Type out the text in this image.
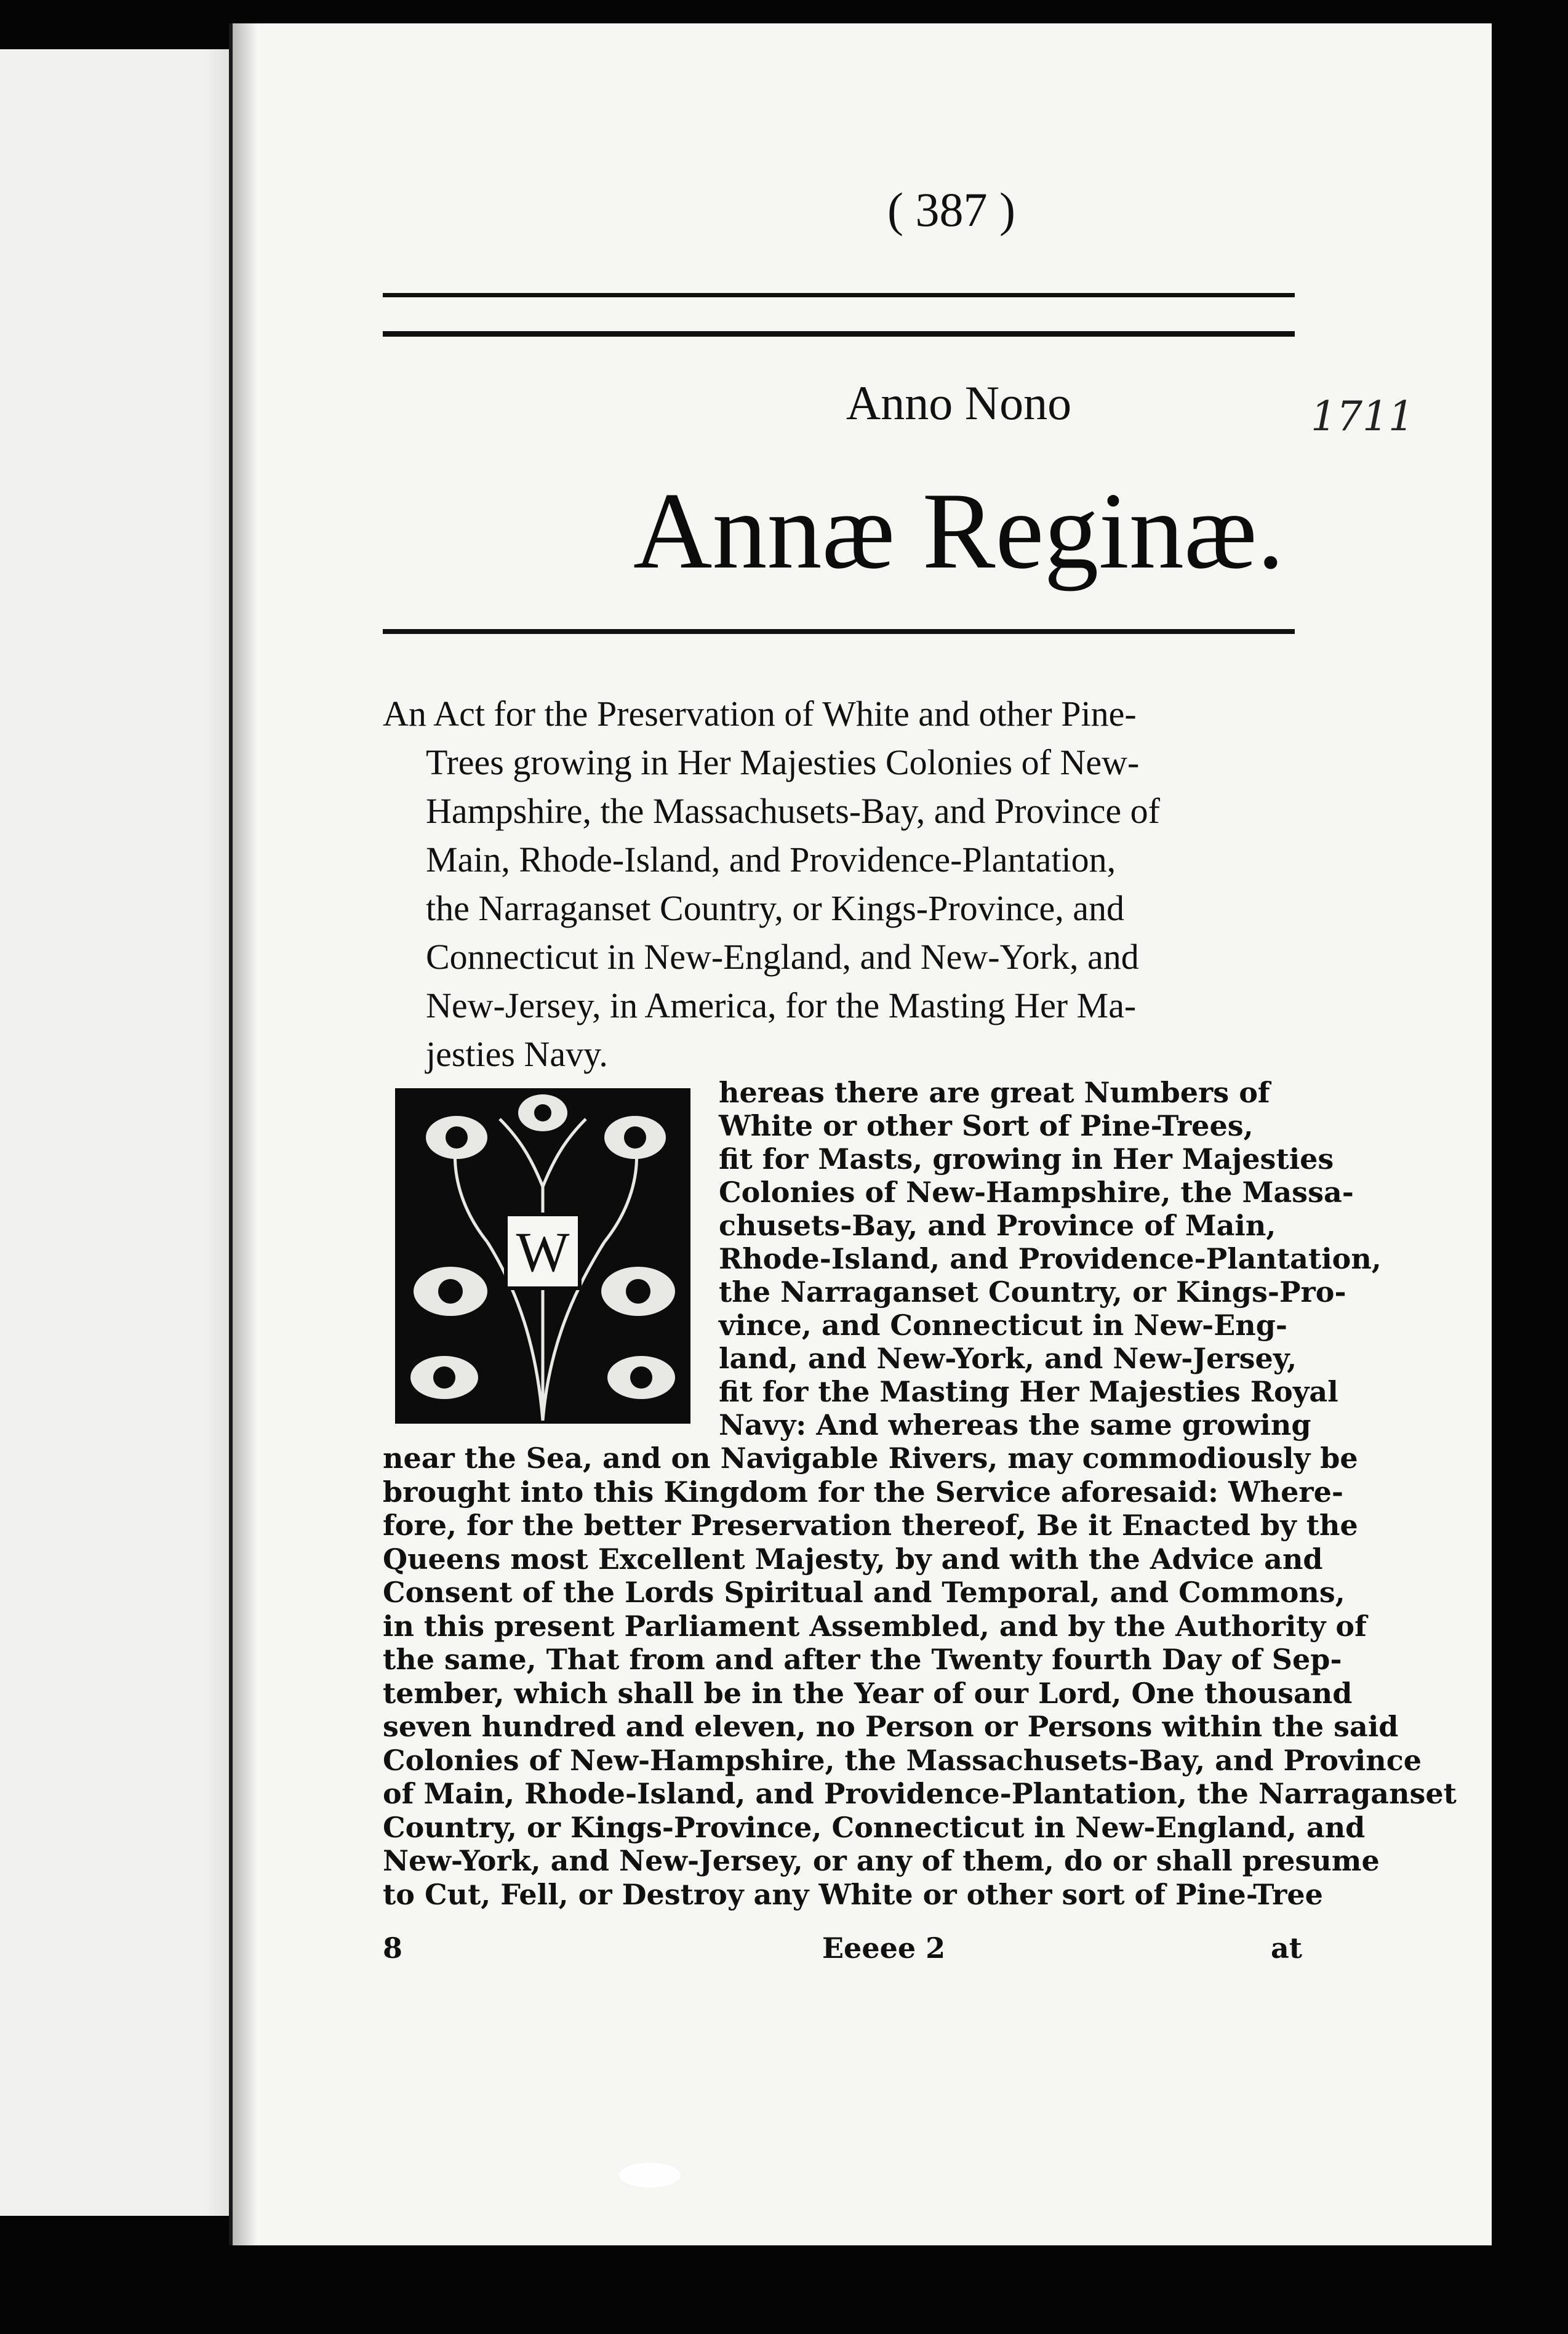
( 387 )
Anno Nono
Annæ Reginæ.
1711
An Act for the Preservation of White and other Pine-
Trees growing in Her Majesties Colonies of New-
Hampshire, the Massachusets-Bay, and Province of
Main, Rhode-Island, and Providence-Plantation,
the Narraganset Country, or Kings-Province, and
Connecticut in New-England, and New-York, and
New-Jersey, in America, for the Masting Her Ma-
jesties Navy.
W
hereas there are great Numbers of
White or other Sort of Pine-Trees,
fit for Masts, growing in Her Majesties
Colonies of New-Hampshire, the Massa-
chusets-Bay, and Province of Main,
Rhode-Island, and Providence-Plantation,
the Narraganset Country, or Kings-Pro-
vince, and Connecticut in New-Eng-
land, and New-York, and New-Jersey,
fit for the Masting Her Majesties Royal
Navy: And whereas the same growing
near the Sea, and on Navigable Rivers, may commodiously be
brought into this Kingdom for the Service aforesaid: Where-
fore, for the better Preservation thereof, Be it Enacted by the
Queens most Excellent Majesty, by and with the Advice and
Consent of the Lords Spiritual and Temporal, and Commons,
in this present Parliament Assembled, and by the Authority of
the same, That from and after the Twenty fourth Day of Sep-
tember, which shall be in the Year of our Lord, One thousand
seven hundred and eleven, no Person or Persons within the said
Colonies of New-Hampshire, the Massachusets-Bay, and Province
of Main, Rhode-Island, and Providence-Plantation, the Narraganset
Country, or Kings-Province, Connecticut in New-England, and
New-York, and New-Jersey, or any of them, do or shall presume
to Cut, Fell, or Destroy any White or other sort of Pine-Tree
8	Eeeee 2	at
